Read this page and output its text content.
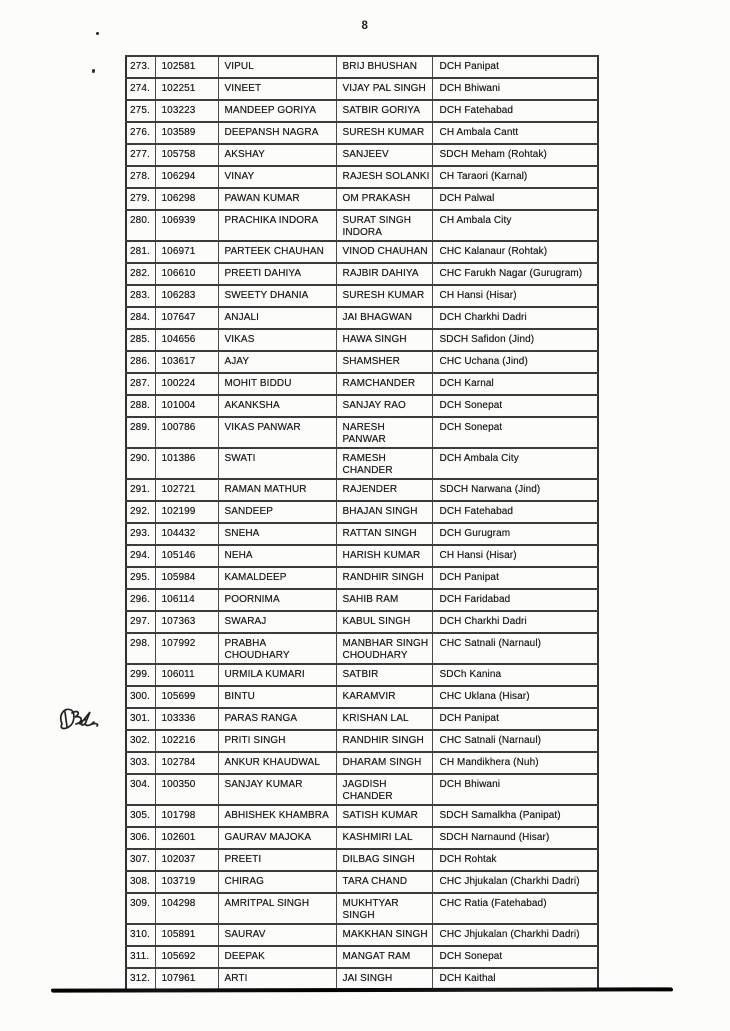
8
273.	102581	VIPUL	BRIJ BHUSHAN	DCH Panipat
274.	102251	VINEET	VIJAY PAL SINGH	DCH Bhiwani
275.	103223	MANDEEP GORIYA	SATBIR GORIYA	DCH Fatehabad
276.	103589	DEEPANSH NAGRA	SURESH KUMAR	CH Ambala Cantt
277.	105758	AKSHAY	SANJEEV	SDCH Meham (Rohtak)
278.	106294	VINAY	RAJESH SOLANKI	CH Taraori (Karnal)
279.	106298	PAWAN KUMAR	OM PRAKASH	DCH Palwal
280.	106939	PRACHIKA INDORA	SURAT SINGH INDORA	CH Ambala City
281.	106971	PARTEEK CHAUHAN	VINOD CHAUHAN	CHC Kalanaur (Rohtak)
282.	106610	PREETI DAHIYA	RAJBIR DAHIYA	CHC Farukh Nagar (Gurugram)
283.	106283	SWEETY DHANIA	SURESH KUMAR	CH Hansi (Hisar)
284.	107647	ANJALI	JAI BHAGWAN	DCH Charkhi Dadri
285.	104656	VIKAS	HAWA SINGH	SDCH Safidon (Jind)
286.	103617	AJAY	SHAMSHER	CHC Uchana (Jind)
287.	100224	MOHIT BIDDU	RAMCHANDER	DCH Karnal
288.	101004	AKANKSHA	SANJAY RAO	DCH Sonepat
289.	100786	VIKAS PANWAR	NARESH PANWAR	DCH Sonepat
290.	101386	SWATI	RAMESH CHANDER	DCH Ambala City
291.	102721	RAMAN MATHUR	RAJENDER	SDCH Narwana (Jind)
292.	102199	SANDEEP	BHAJAN SINGH	DCH Fatehabad
293.	104432	SNEHA	RATTAN SINGH	DCH Gurugram
294.	105146	NEHA	HARISH KUMAR	CH Hansi (Hisar)
295.	105984	KAMALDEEP	RANDHIR SINGH	DCH Panipat
296.	106114	POORNIMA	SAHIB RAM	DCH Faridabad
297.	107363	SWARAJ	KABUL SINGH	DCH Charkhi Dadri
298.	107992	PRABHA CHOUDHARY	MANBHAR SINGH CHOUDHARY	CHC Satnali (Narnaul)
299.	106011	URMILA KUMARI	SATBIR	SDCh Kanina
300.	105699	BINTU	KARAMVIR	CHC Uklana (Hisar)
301.	103336	PARAS RANGA	KRISHAN LAL	DCH Panipat
302.	102216	PRITI SINGH	RANDHIR SINGH	CHC Satnali (Narnaul)
303.	102784	ANKUR KHAUDWAL	DHARAM SINGH	CH Mandikhera (Nuh)
304.	100350	SANJAY KUMAR	JAGDISH CHANDER	DCH Bhiwani
305.	101798	ABHISHEK KHAMBRA	SATISH KUMAR	SDCH Samalkha (Panipat)
306.	102601	GAURAV MAJOKA	KASHMIRI LAL	SDCH Narnaund (Hisar)
307.	102037	PREETI	DILBAG SINGH	DCH Rohtak
308.	103719	CHIRAG	TARA CHAND	CHC Jhjukalan (Charkhi Dadri)
309.	104298	AMRITPAL SINGH	MUKHTYAR SINGH	CHC Ratia (Fatehabad)
310.	105891	SAURAV	MAKKHAN SINGH	CHC Jhjukalan (Charkhi Dadri)
311.	105692	DEEPAK	MANGAT RAM	DCH Sonepat
312.	107961	ARTI	JAI SINGH	DCH Kaithal
